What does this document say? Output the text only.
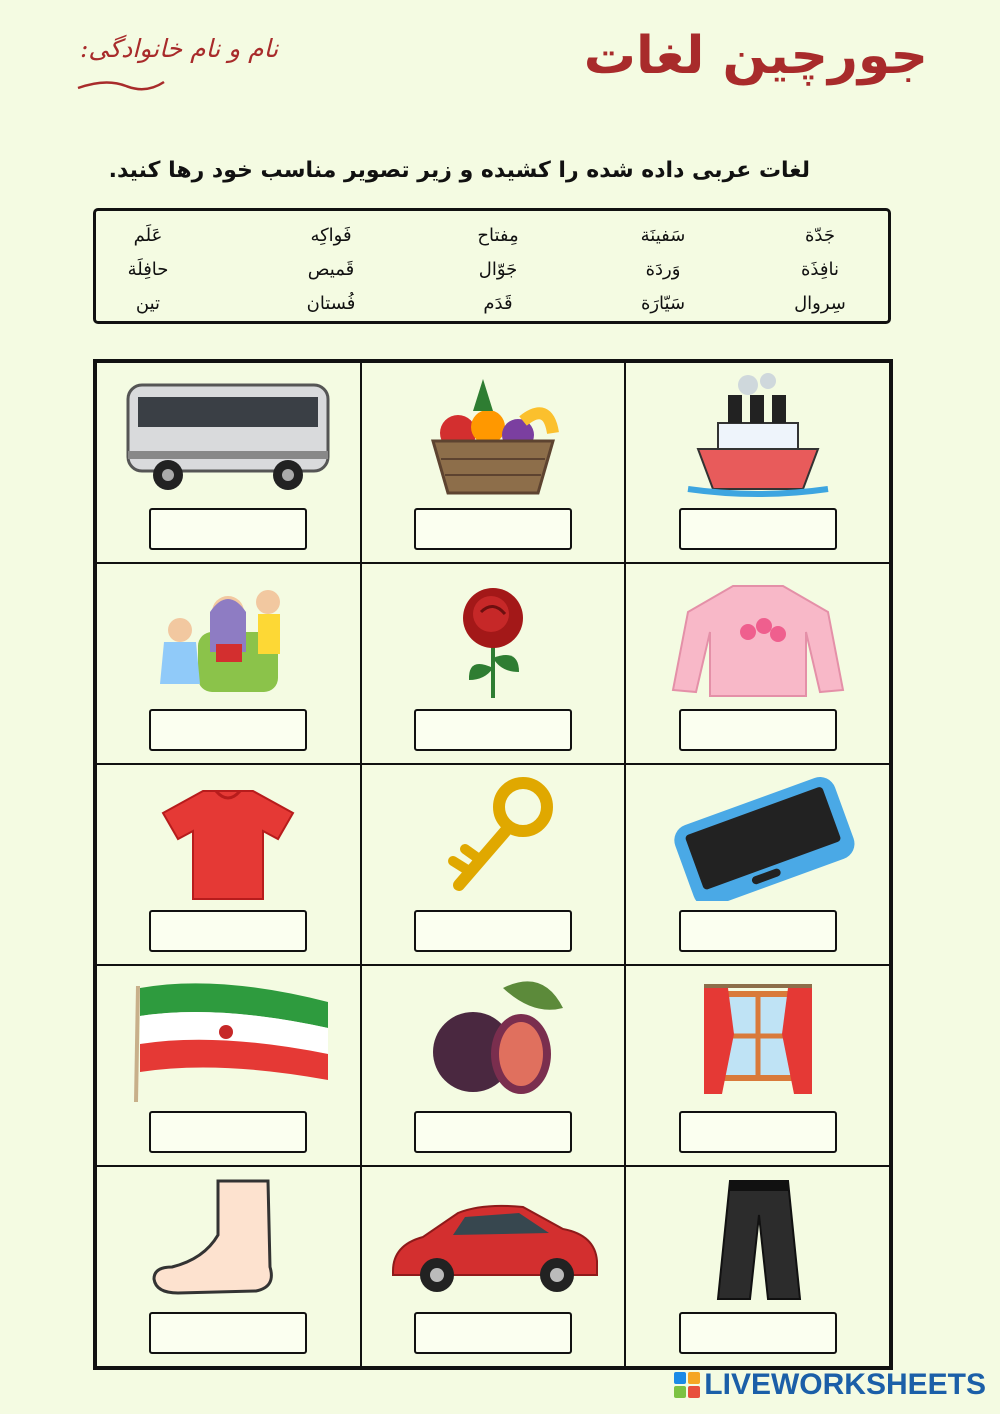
جورچین لغات
نام و نام خانوادگی:
لغات عربی داده شده را کشیده و زیر تصویر مناسب خود رها کنید.
جَدّة
نافِذَة
سِروال
سَفينَة
وَردَة
سَيّارَة
مِفتاح
جَوّال
قَدَم
فَواكِه
قَميص
فُستان
عَلَم
حافِلَة
تين
LIVEWORKSHEETS
